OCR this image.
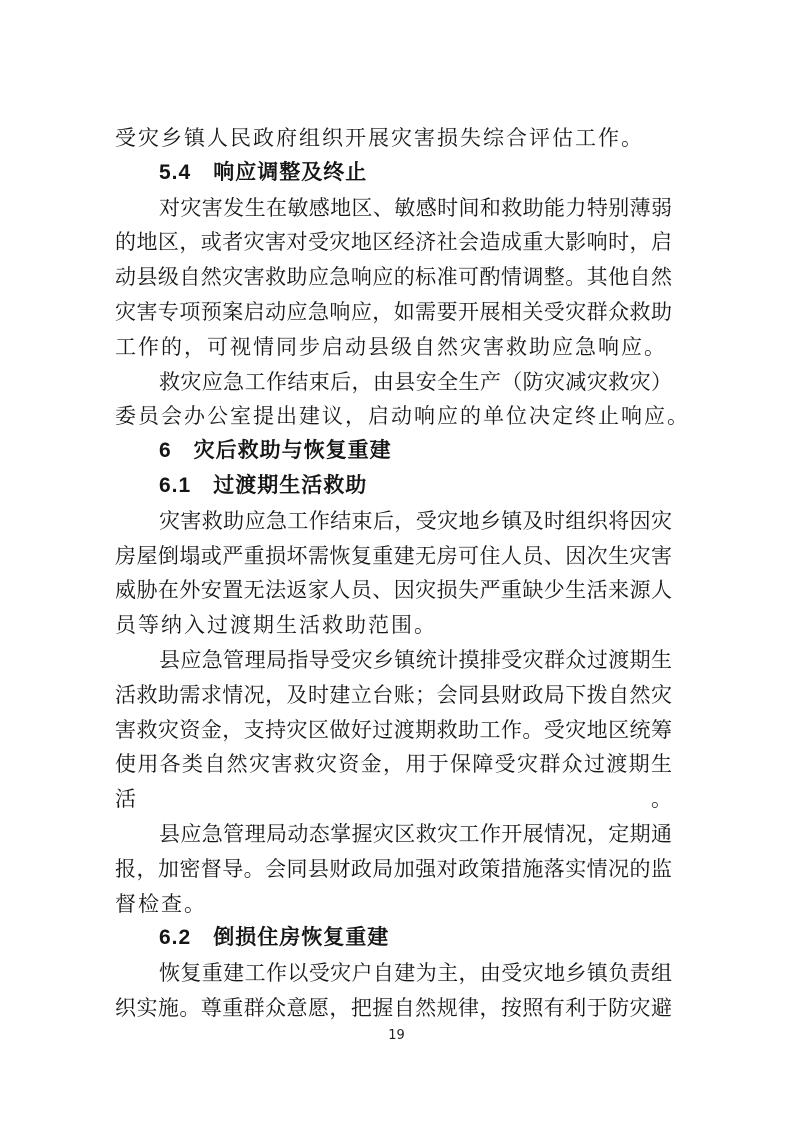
受灾乡镇人民政府组织开展灾害损失综合评估工作。
5.4　响应调整及终止
对灾害发生在敏感地区、敏感时间和救助能力特别薄弱
的地区，或者灾害对受灾地区经济社会造成重大影响时，启
动县级自然灾害救助应急响应的标准可酌情调整。其他自然
灾害专项预案启动应急响应，如需要开展相关受灾群众救助
工作的，可视情同步启动县级自然灾害救助应急响应。
救灾应急工作结束后，由县安全生产（防灾减灾救灾）
委员会办公室提出建议，启动响应的单位决定终止响应。
6　灾后救助与恢复重建
6.1　过渡期生活救助
灾害救助应急工作结束后，受灾地乡镇及时组织将因灾
房屋倒塌或严重损坏需恢复重建无房可住人员、因次生灾害
威胁在外安置无法返家人员、因灾损失严重缺少生活来源人
员等纳入过渡期生活救助范围。
县应急管理局指导受灾乡镇统计摸排受灾群众过渡期生
活救助需求情况，及时建立台账；会同县财政局下拨自然灾
害救灾资金，支持灾区做好过渡期救助工作。受灾地区统筹
使用各类自然灾害救灾资金，用于保障受灾群众过渡期生活。
县应急管理局动态掌握灾区救灾工作开展情况，定期通
报，加密督导。会同县财政局加强对政策措施落实情况的监
督检查。
6.2　倒损住房恢复重建
恢复重建工作以受灾户自建为主，由受灾地乡镇负责组
织实施。尊重群众意愿，把握自然规律，按照有利于防灾避
19
